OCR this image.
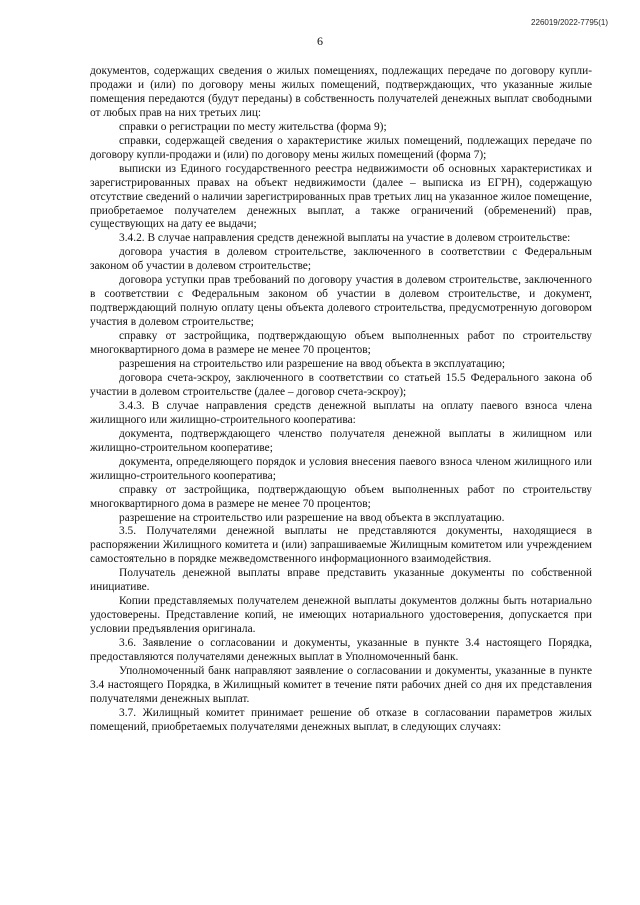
226019/2022-7795(1)
6

документов, содержащих сведения о жилых помещениях, подлежащих передаче по договору купли-продажи и (или) по договору мены жилых помещений, подтверждающих, что указанные жилые помещения передаются (будут переданы) в собственность получателей денежных выплат свободными от любых прав на них третьих лиц:

справки о регистрации по месту жительства (форма 9);

справки, содержащей сведения о характеристике жилых помещений, подлежащих передаче по договору купли-продажи и (или) по договору мены жилых помещений (форма 7);

выписки из Единого государственного реестра недвижимости об основных характеристиках и зарегистрированных правах на объект недвижимости (далее – выписка из ЕГРН), содержащую отсутствие сведений о наличии зарегистрированных прав третьих лиц на указанное жилое помещение, приобретаемое получателем денежных выплат, а также ограничений (обременений) прав, существующих на дату ее выдачи;

3.4.2. В случае направления средств денежной выплаты на участие в долевом строительстве:

договора участия в долевом строительстве, заключенного в соответствии с Федеральным законом об участии в долевом строительстве;

договора уступки прав требований по договору участия в долевом строительстве, заключенного в соответствии с Федеральным законом об участии в долевом строительстве, и документ, подтверждающий полную оплату цены объекта долевого строительства, предусмотренную договором участия в долевом строительстве;

справку от застройщика, подтверждающую объем выполненных работ по строительству многоквартирного дома в размере не менее 70 процентов;

разрешения на строительство или разрешение на ввод объекта в эксплуатацию;

договора счета-эскроу, заключенного в соответствии со статьей 15.5 Федерального закона об участии в долевом строительстве (далее – договор счета-эскроу);

3.4.3. В случае направления средств денежной выплаты на оплату паевого взноса члена жилищного или жилищно-строительного кооператива:

документа, подтверждающего членство получателя денежной выплаты в жилищном или жилищно-строительном кооперативе;

документа, определяющего порядок и условия внесения паевого взноса членом жилищного или жилищно-строительного кооператива;

справку от застройщика, подтверждающую объем выполненных работ по строительству многоквартирного дома в размере не менее 70 процентов;

разрешение на строительство или разрешение на ввод объекта в эксплуатацию.

3.5. Получателями денежной выплаты не представляются документы, находящиеся в распоряжении Жилищного комитета и (или) запрашиваемые Жилищным комитетом или учреждением самостоятельно в порядке межведомственного информационного взаимодействия.

Получатель денежной выплаты вправе представить указанные документы по собственной инициативе.

Копии представляемых получателем денежной выплаты документов должны быть нотариально удостоверены. Представление копий, не имеющих нотариального удостоверения, допускается при условии предъявления оригинала.

3.6. Заявление о согласовании и документы, указанные в пункте 3.4 настоящего Порядка, предоставляются получателями денежных выплат в Уполномоченный банк.

Уполномоченный банк направляют заявление о согласовании и документы, указанные в пункте 3.4 настоящего Порядка, в Жилищный комитет в течение пяти рабочих дней со дня их представления получателями денежных выплат.

3.7. Жилищный комитет принимает решение об отказе в согласовании параметров жилых помещений, приобретаемых получателями денежных выплат, в следующих случаях:
